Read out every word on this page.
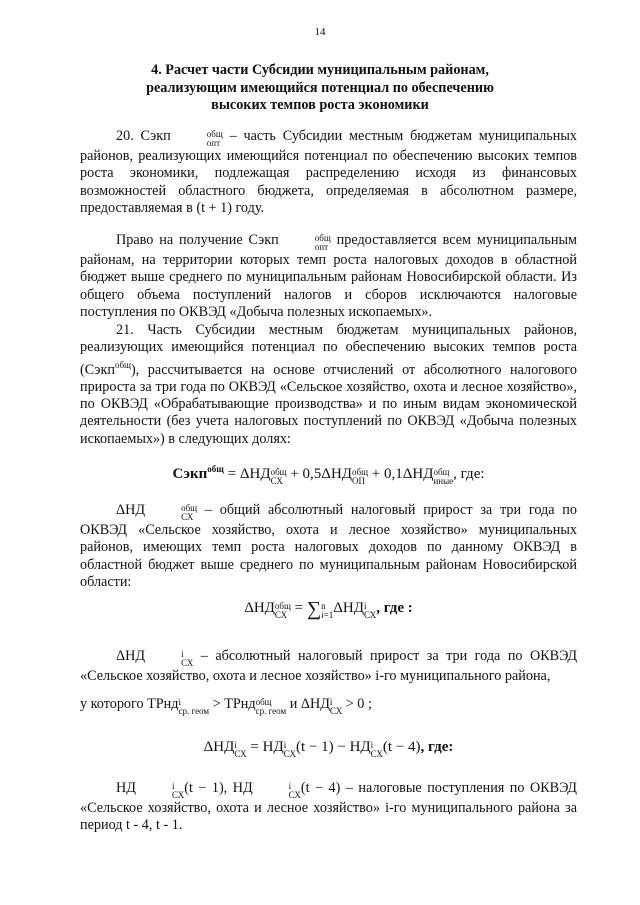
14
4. Расчет части Субсидии муниципальным районам,
реализующим имеющийся потенциал по обеспечению
высоких темпов роста экономики

20. Сэкп	общ
опт – часть Субсидии местным бюджетам муниципальных районов, реализующих имеющийся потенциал по обеспечению высоких темпов роста экономики, подлежащая распределению исходя из финансовых возможностей областного бюджета, определяемая в абсолютном размере, предоставляемая в (t + 1) году.

Право на получение Сэкп	общ
опт предоставляется всем муниципальным районам, на территории которых темп роста налоговых доходов в областной бюджет выше среднего по муниципальным районам Новосибирской области. Из общего объема поступлений налогов и сборов исключаются налоговые поступления по ОКВЭД «Добыча полезных ископаемых».

21. Часть Субсидии местным бюджетам муниципальных районов, реализующих имеющийся потенциал по обеспечению высоких темпов роста (Сэкп$^{общ}$), рассчитывается на основе отчислений от абсолютного налогового прироста за три года по ОКВЭД «Сельское хозяйство, охота и лесное хозяйство», по ОКВЭД «Обрабатывающие производства» и по иным видам экономической деятельности (без учета налоговых поступлений по ОКВЭД «Добыча полезных ископаемых») в следующих долях:

Сэкп$^{общ}$ = ΔНД общ
СХ + 0,5ΔНД общ
ОП + 0,1ΔНД общ
иные , где:

ΔНД	общ
СХ – общий абсолютный налоговый прирост за три года по ОКВЭД «Сельское хозяйство, охота и лесное хозяйство» муниципальных районов, имеющих темп роста налоговых доходов по данному ОКВЭД в областной бюджет выше среднего по муниципальным районам Новосибирской области:

ΔНД общ
СХ = ∑ n
i=1 ΔНД i
СХ , где :

ΔНД	i
СХ – абсолютный налоговый прирост за три года по ОКВЭД «Сельское хозяйство, охота и лесное хозяйство» i-го муниципального района,

у которого ТРнд i
ср. геом > ТРнд общ
ср. геом и ΔНД i
СХ > 0 ;

ΔНД i
СХ = НД i
СХ (t − 1) − НД i
СХ (t − 4), где:

НД	i
СХ (t − 1), НД	i
СХ (t − 4) – налоговые поступления по ОКВЭД «Сельское хозяйство, охота и лесное хозяйство» i-го муниципального района за период t - 4, t - 1.
